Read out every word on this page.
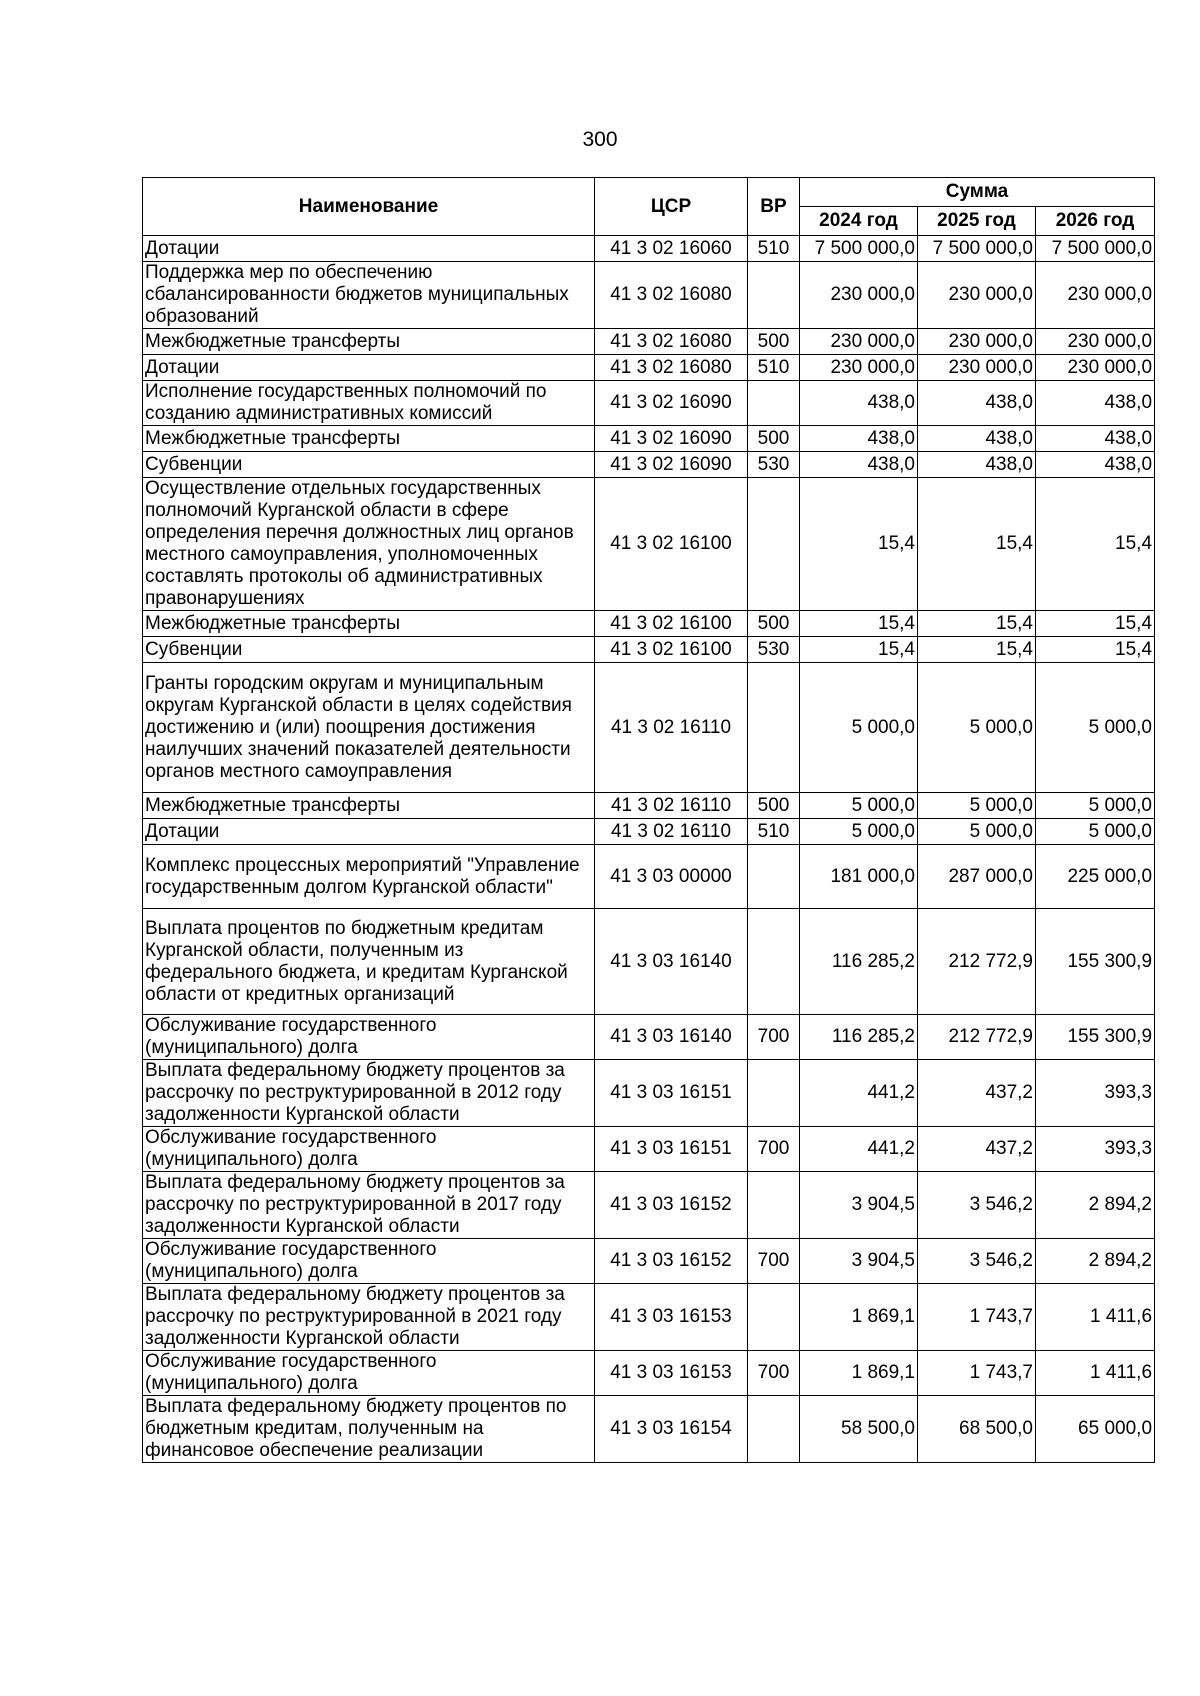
300
Наименование	ЦСР	ВР	Сумма		
			2024 год	2025 год	2026 год
Дотации	41 3 02 16060	510	7 500 000,0	7 500 000,0	7 500 000,0
Поддержка мер по обеспечению сбалансированности бюджетов муниципальных образований	41 3 02 16080		230 000,0	230 000,0	230 000,0
Межбюджетные трансферты	41 3 02 16080	500	230 000,0	230 000,0	230 000,0
Дотации	41 3 02 16080	510	230 000,0	230 000,0	230 000,0
Исполнение государственных полномочий по созданию административных комиссий	41 3 02 16090		438,0	438,0	438,0
Межбюджетные трансферты	41 3 02 16090	500	438,0	438,0	438,0
Субвенции	41 3 02 16090	530	438,0	438,0	438,0
Осуществление отдельных государственных полномочий Курганской области в сфере определения перечня должностных лиц органов местного самоуправления, уполномоченных составлять протоколы об административных правонарушениях	41 3 02 16100		15,4	15,4	15,4
Межбюджетные трансферты	41 3 02 16100	500	15,4	15,4	15,4
Субвенции	41 3 02 16100	530	15,4	15,4	15,4
Гранты городским округам и муниципальным округам Курганской области в целях содействия достижению и (или) поощрения достижения наилучших значений показателей деятельности органов местного самоуправления	41 3 02 16110		5 000,0	5 000,0	5 000,0
Межбюджетные трансферты	41 3 02 16110	500	5 000,0	5 000,0	5 000,0
Дотации	41 3 02 16110	510	5 000,0	5 000,0	5 000,0
Комплекс процессных мероприятий "Управление государственным долгом Курганской области"	41 3 03 00000		181 000,0	287 000,0	225 000,0
Выплата процентов по бюджетным кредитам Курганской области, полученным из федерального бюджета, и кредитам Курганской области от кредитных организаций	41 3 03 16140		116 285,2	212 772,9	155 300,9
Обслуживание государственного (муниципального) долга	41 3 03 16140	700	116 285,2	212 772,9	155 300,9
Выплата федеральному бюджету процентов за рассрочку по реструктурированной в 2012 году задолженности Курганской области	41 3 03 16151		441,2	437,2	393,3
Обслуживание государственного (муниципального) долга	41 3 03 16151	700	441,2	437,2	393,3
Выплата федеральному бюджету процентов за рассрочку по реструктурированной в 2017 году задолженности Курганской области	41 3 03 16152		3 904,5	3 546,2	2 894,2
Обслуживание государственного (муниципального) долга	41 3 03 16152	700	3 904,5	3 546,2	2 894,2
Выплата федеральному бюджету процентов за рассрочку по реструктурированной в 2021 году задолженности Курганской области	41 3 03 16153		1 869,1	1 743,7	1 411,6
Обслуживание государственного (муниципального) долга	41 3 03 16153	700	1 869,1	1 743,7	1 411,6
Выплата федеральному бюджету процентов по бюджетным кредитам, полученным на финансовое обеспечение реализации	41 3 03 16154		58 500,0	68 500,0	65 000,0
